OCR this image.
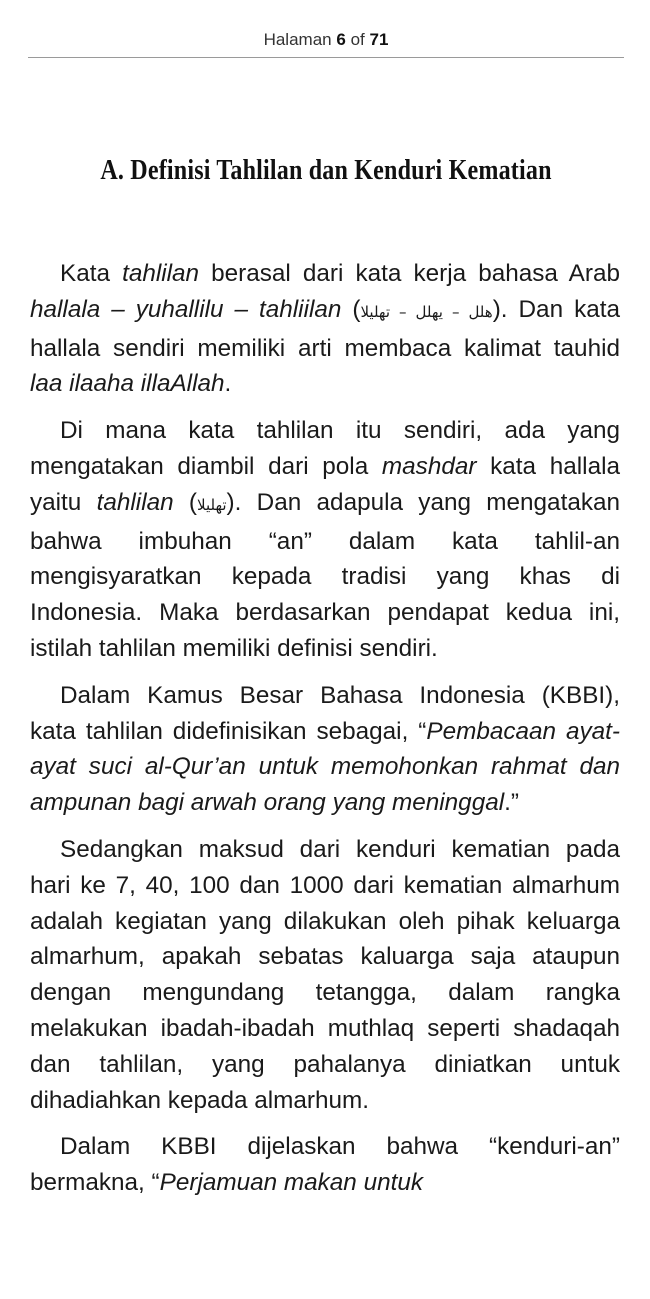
Halaman 6 of 71
A. Definisi Tahlilan dan Kenduri Kematian

Kata tahlilan berasal dari kata kerja bahasa Arab hallala – yuhallilu – tahliilan (هلل – يهلل – تهليلا). Dan kata hallala sendiri memiliki arti membaca kalimat tauhid laa ilaaha illaAllah.

Di mana kata tahlilan itu sendiri, ada yang mengatakan diambil dari pola mashdar kata hallala yaitu tahlilan (تهليلا). Dan adapula yang mengatakan bahwa imbuhan “an” dalam kata tahlil-an mengisyaratkan kepada tradisi yang khas di Indonesia. Maka berdasarkan pendapat kedua ini, istilah tahlilan memiliki definisi sendiri.

Dalam Kamus Besar Bahasa Indonesia (KBBI), kata tahlilan didefinisikan sebagai, “Pembacaan ayat-ayat suci al-Qur’an untuk memohonkan rahmat dan ampunan bagi arwah orang yang meninggal.”

Sedangkan maksud dari kenduri kematian pada hari ke 7, 40, 100 dan 1000 dari kematian almarhum adalah kegiatan yang dilakukan oleh pihak keluarga almarhum, apakah sebatas kaluarga saja ataupun dengan mengundang tetangga, dalam rangka melakukan ibadah-ibadah muthlaq seperti shadaqah dan tahlilan, yang pahalanya diniatkan untuk dihadiahkan kepada almarhum.

Dalam KBBI dijelaskan bahwa “kenduri-an” bermakna, “Perjamuan makan untuk
